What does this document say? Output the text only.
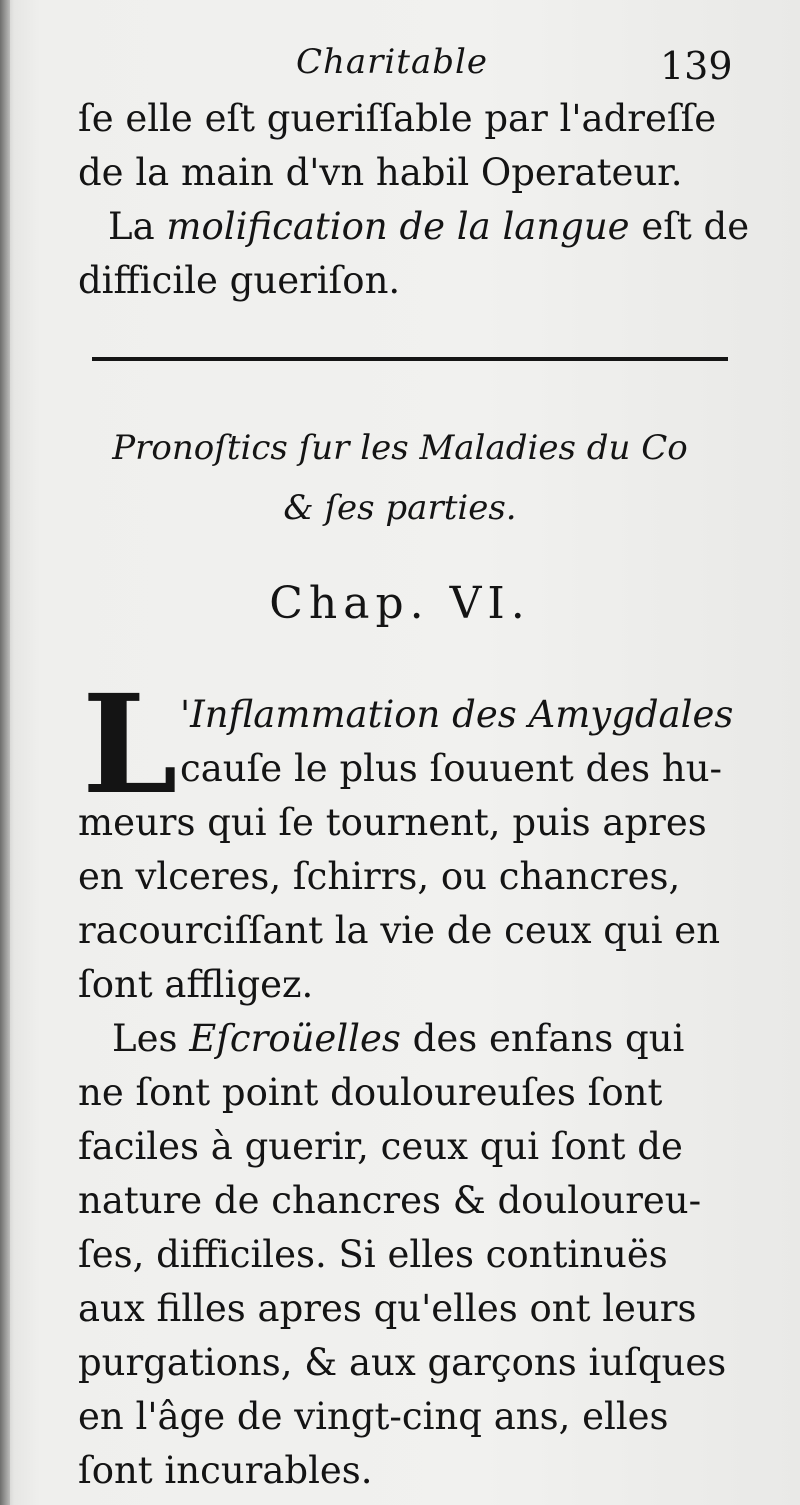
Charitable	139
ſe elle eſt gueriſſable par l'adreſſe
de la main d'vn habil Operateur.
La molification de la langue eſt de
difficile gueriſon.
Pronoſtics ſur les Maladies du Co
& ſes parties.
Chap. VI.
L 'Inflammation des Amygdales
cauſe le plus ſouuent des hu-
meurs qui ſe tournent, puis apres
en vlceres, ſchirrs, ou chancres,
racourciſſant la vie de ceux qui en
ſont affligez.
Les Eſcroüelles des enfans qui
ne ſont point douloureuſes ſont
faciles à guerir, ceux qui ſont de
nature de chancres & douloureu-
ſes, difficiles. Si elles continuës
aux filles apres qu'elles ont leurs
purgations, & aux garçons iuſques
en l'âge de vingt-cinq ans, elles
ſont incurables.
